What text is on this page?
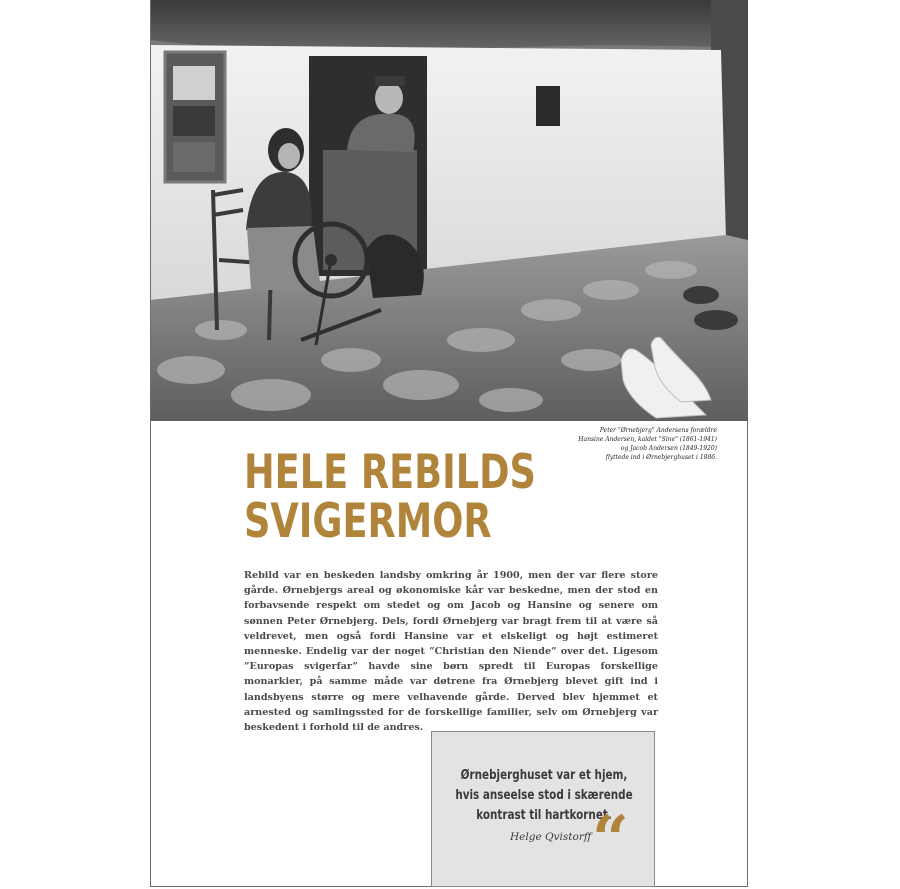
Peter "Ørnebjerg" Andersens forældre
Hansine Andersen, kaldet "Sine" (1861-1941)
og Jacob Andersen (1849-1920)
flyttede ind i Ørnebjerghuset i 1886.
HELE REBILDS
SVIGERMOR

Rebild var en beskeden landsby omkring år 1900, men der var flere store gårde. Ørnebjergs areal og økonomiske kår var beskedne, men der stod en forbavsende respekt om stedet og om Jacob og Hansine og senere om sønnen Peter Ørnebjerg. Dels, fordi Ørnebjerg var bragt frem til at være så veldrevet, men også fordi Hansine var et elskeligt og højt estimeret menneske. Endelig var der noget ”Christian den Niende” over det. Ligesom ”Europas svigerfar” havde sine børn spredt til Europas forskellige monarkier, på samme måde var døtrene fra Ørnebjerg blevet gift ind i landsbyens større og mere velhavende gårde. Derved blev hjemmet et arnested og samlingssted for de forskellige familier, selv om Ørnebjerg var beskedent i forhold til de andres.

Ørnebjerghuset var et hjem,
hvis anseelse stod i skærende
kontrast til hartkornet.
Helge Qvistorff “
